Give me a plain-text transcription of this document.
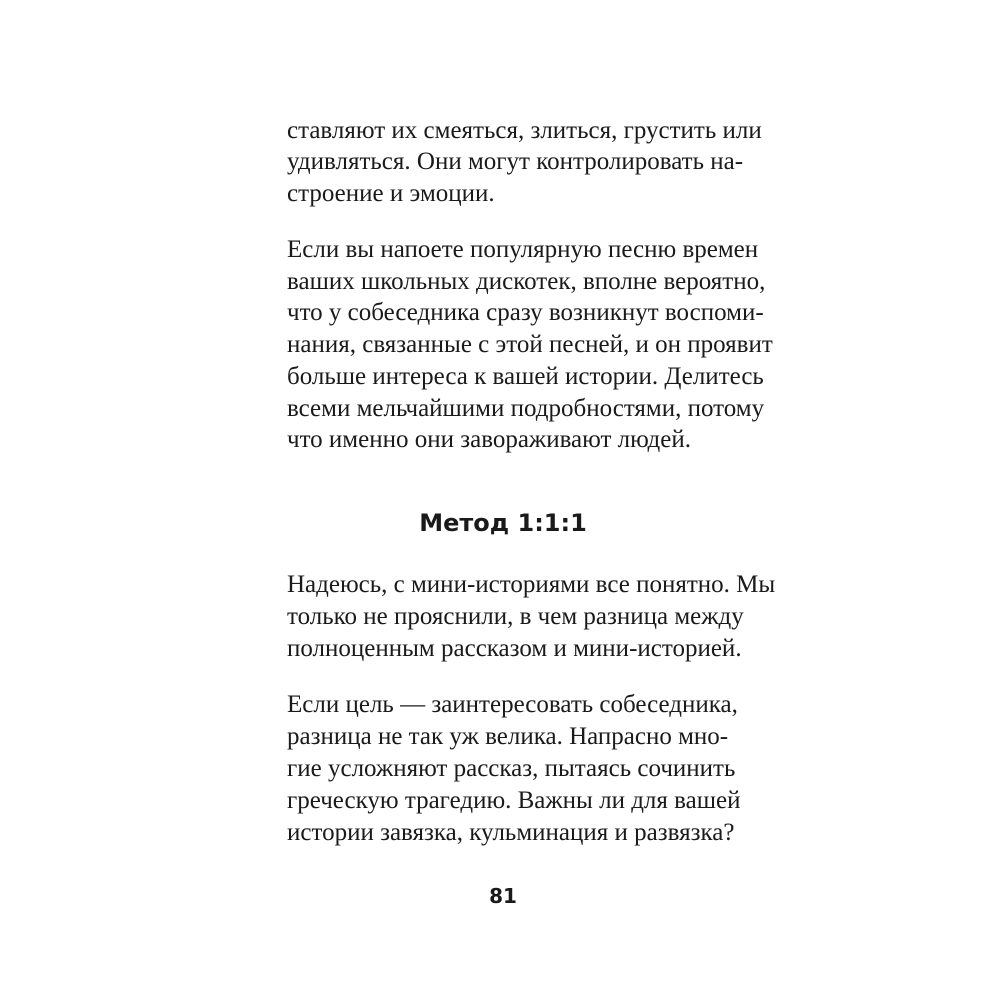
ставляют их смеяться, злиться, грустить или
удивляться. Они могут контролировать на-
строение и эмоции.
Если вы напоете популярную песню времен
ваших школьных дискотек, вполне вероятно,
что у собеседника сразу возникнут воспоми-
нания, связанные с этой песней, и он проявит
больше интереса к вашей истории. Делитесь
всеми мельчайшими подробностями, потому
что именно они завораживают людей.
Метод 1:1:1
Надеюсь, с мини-историями все понятно. Мы
только не прояснили, в чем разница между
полноценным рассказом и мини-историей.
Если цель — заинтересовать собеседника,
разница не так уж велика. Напрасно мно-
гие усложняют рассказ, пытаясь сочинить
греческую трагедию. Важны ли для вашей
истории завязка, кульминация и развязка?
81
